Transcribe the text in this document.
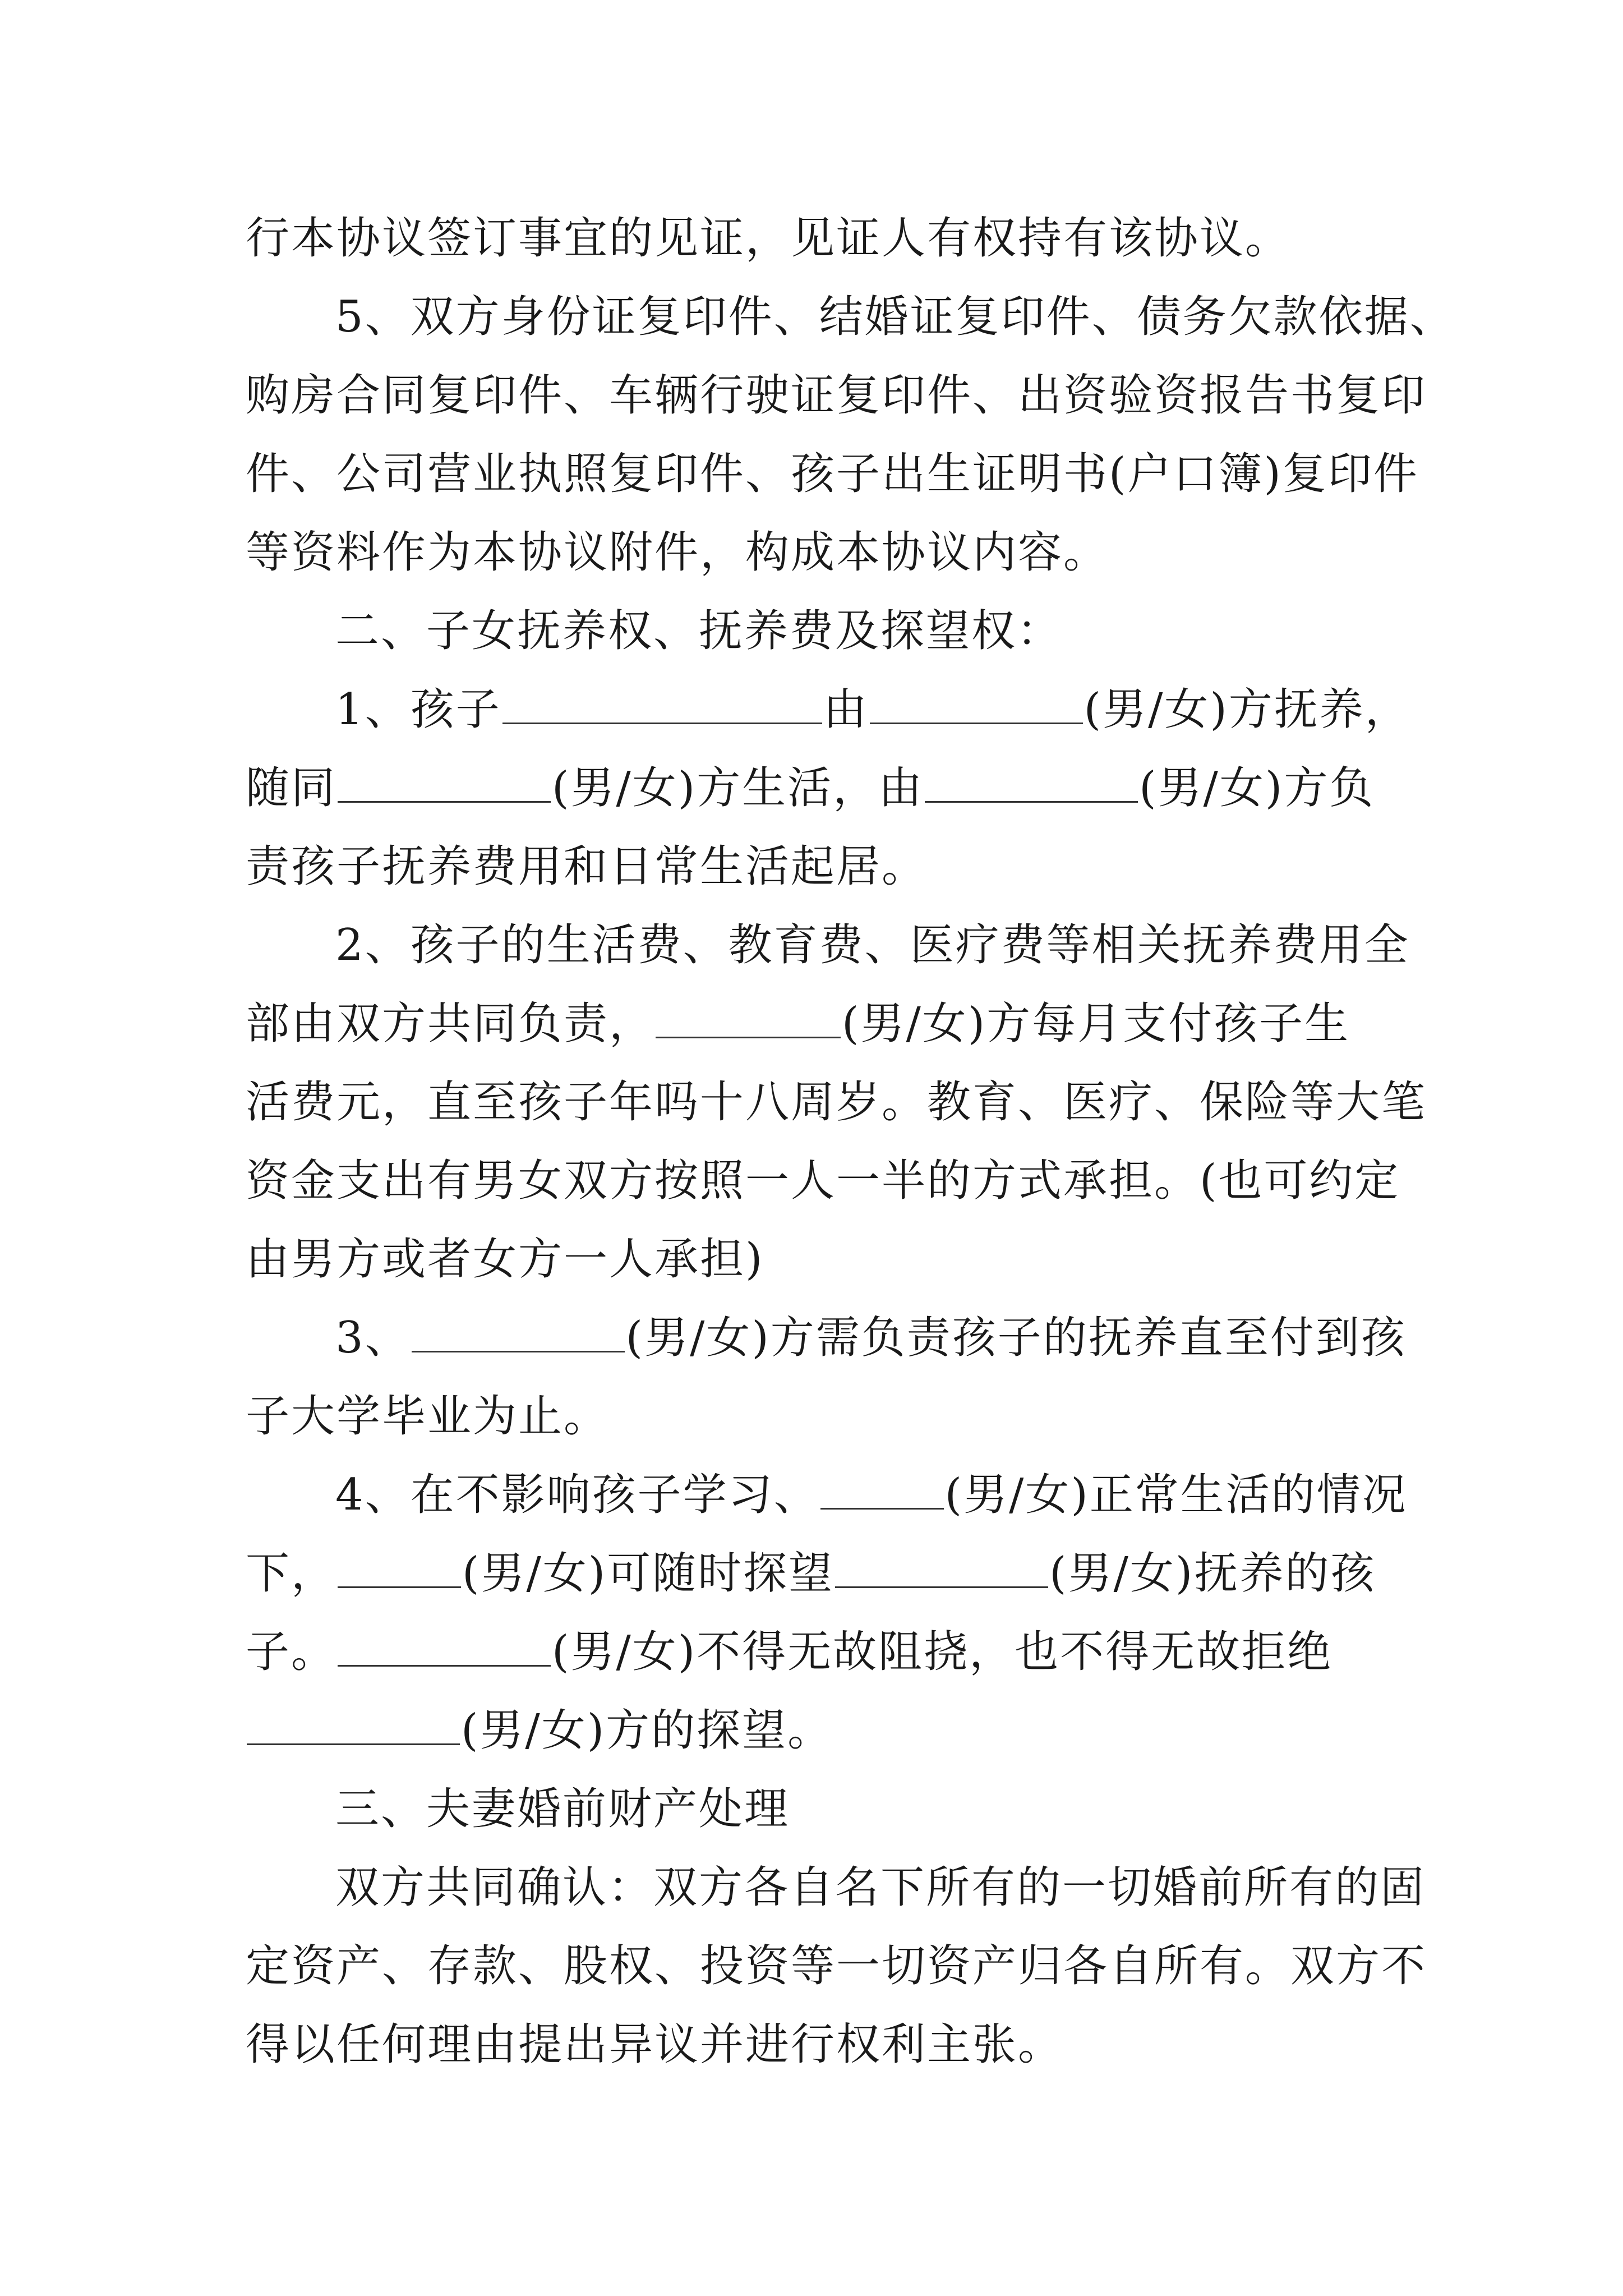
行本协议签订事宜的见证，见证人有权持有该协议。
5、双方身份证复印件、结婚证复印件、债务欠款依据、
购房合同复印件、车辆行驶证复印件、出资验资报告书复印
件、公司营业执照复印件、孩子出生证明书(户口簿)复印件
等资料作为本协议附件，构成本协议内容。
二、子女抚养权、抚养费及探望权：
1、孩子	由	(男/女)方抚养，
随同	(男/女)方生活，由	(男/女)方负
责孩子抚养费用和日常生活起居。
2、孩子的生活费、教育费、医疗费等相关抚养费用全
部由双方共同负责，	(男/女)方每月支付孩子生
活费元，直至孩子年吗十八周岁。教育、医疗、保险等大笔
资金支出有男女双方按照一人一半的方式承担。(也可约定
由男方或者女方一人承担)
3、	(男/女)方需负责孩子的抚养直至付到孩
子大学毕业为止。
4、在不影响孩子学习、	(男/女)正常生活的情况
下，	(男/女)可随时探望	(男/女)抚养的孩
子。	(男/女)不得无故阻挠，也不得无故拒绝
(男/女)方的探望。
三、夫妻婚前财产处理
双方共同确认：双方各自名下所有的一切婚前所有的固
定资产、存款、股权、投资等一切资产归各自所有。双方不
得以任何理由提出异议并进行权利主张。
